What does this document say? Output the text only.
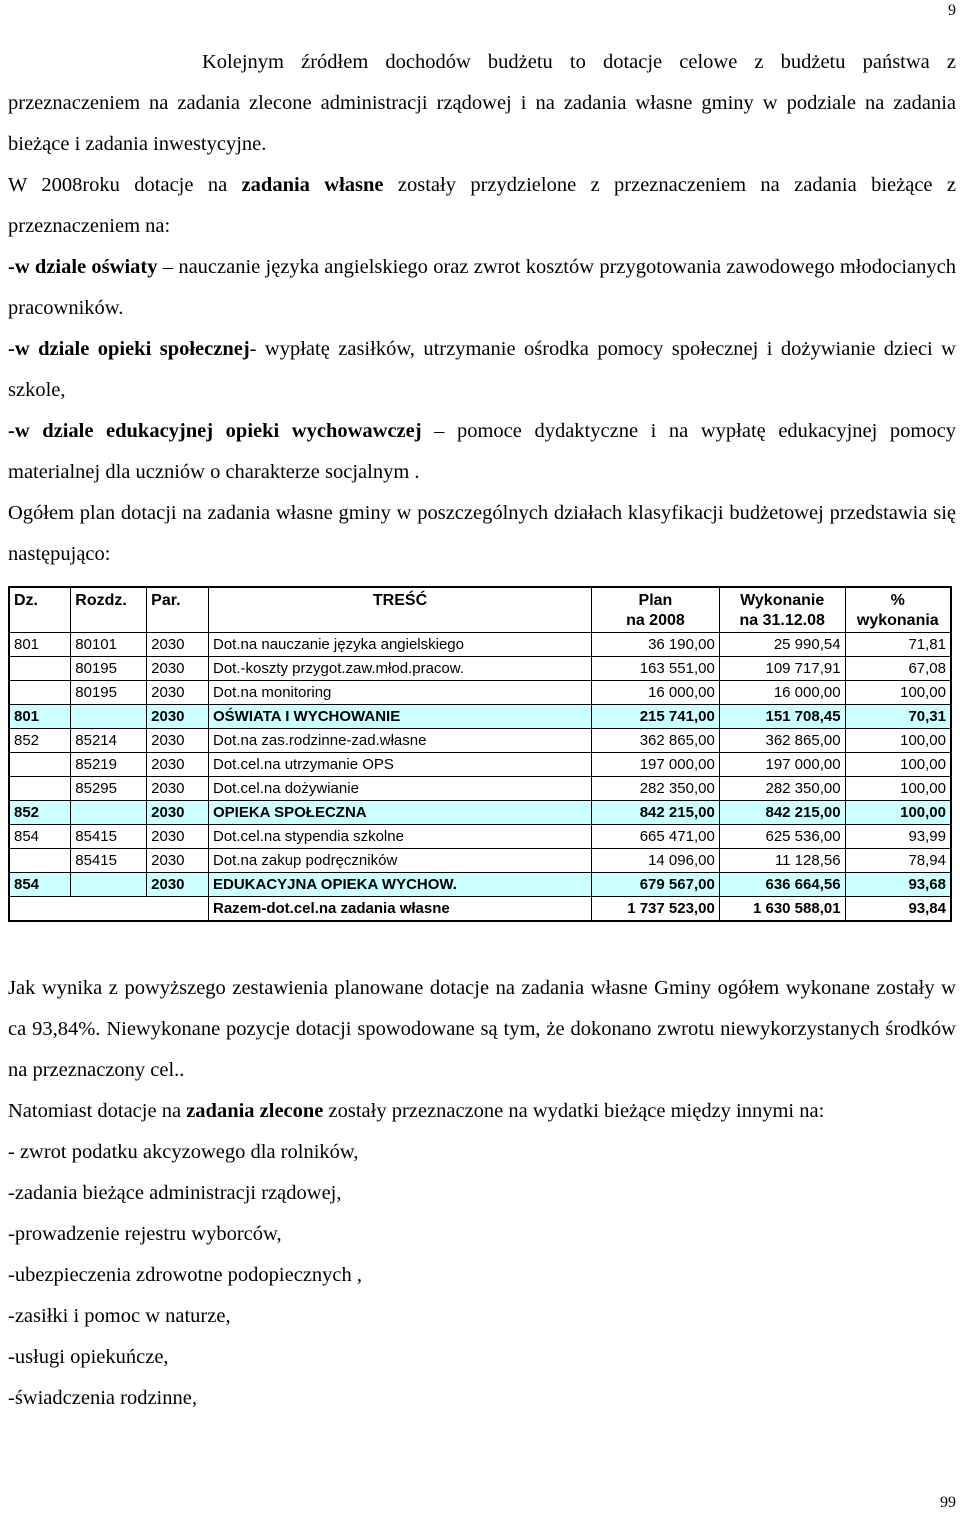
9

Kolejnym źródłem dochodów budżetu to dotacje celowe z budżetu państwa z przeznaczeniem na zadania zlecone administracji rządowej i na zadania własne gminy w podziale na zadania bieżące i zadania inwestycyjne.

W 2008roku dotacje na zadania własne zostały przydzielone z przeznaczeniem na zadania bieżące z przeznaczeniem na:

-w dziale oświaty – nauczanie języka angielskiego oraz zwrot kosztów przygotowania zawodowego młodocianych pracowników.

-w dziale opieki społecznej- wypłatę zasiłków, utrzymanie ośrodka pomocy społecznej i dożywianie dzieci w szkole,

-w dziale edukacyjnej opieki wychowawczej – pomoce dydaktyczne i na wypłatę edukacyjnej pomocy materialnej dla uczniów o charakterze socjalnym .

Ogółem plan dotacji na zadania własne gminy w poszczególnych działach klasyfikacji budżetowej przedstawia się następująco:

Dz.	Rozdz.	Par.	TREŚĆ	Plan	Wykonanie	%
				na 2008	na 31.12.08	wykonania
801	80101	2030	Dot.na nauczanie języka angielskiego	36 190,00	25 990,54	71,81
	80195	2030	Dot.-koszty przygot.zaw.młod.pracow.	163 551,00	109 717,91	67,08
	80195	2030	Dot.na monitoring	16 000,00	16 000,00	100,00
801		2030	OŚWIATA I WYCHOWANIE	215 741,00	151 708,45	70,31
852	85214	2030	Dot.na zas.rodzinne-zad.własne	362 865,00	362 865,00	100,00
	85219	2030	Dot.cel.na utrzymanie OPS	197 000,00	197 000,00	100,00
	85295	2030	Dot.cel.na dożywianie	282 350,00	282 350,00	100,00
852		2030	OPIEKA SPOŁECZNA	842 215,00	842 215,00	100,00
854	85415	2030	Dot.cel.na stypendia szkolne	665 471,00	625 536,00	93,99
	85415	2030	Dot.na zakup podręczników	14 096,00	11 128,56	78,94
854		2030	EDUKACYJNA OPIEKA WYCHOW.	679 567,00	636 664,56	93,68
			Razem-dot.cel.na zadania własne	1 737 523,00	1 630 588,01	93,84

Jak wynika z powyższego zestawienia planowane dotacje na zadania własne Gminy ogółem wykonane zostały w ca 93,84%. Niewykonane pozycje dotacji spowodowane są tym, że dokonano zwrotu niewykorzystanych środków na przeznaczony cel..

Natomiast dotacje na zadania zlecone zostały przeznaczone na wydatki bieżące między innymi na:

- zwrot podatku akcyzowego dla rolników,

-zadania bieżące administracji rządowej,

-prowadzenie rejestru wyborców,

-ubezpieczenia zdrowotne podopiecznych ,

-zasiłki i pomoc w naturze,

-usługi opiekuńcze,

-świadczenia rodzinne,

99
